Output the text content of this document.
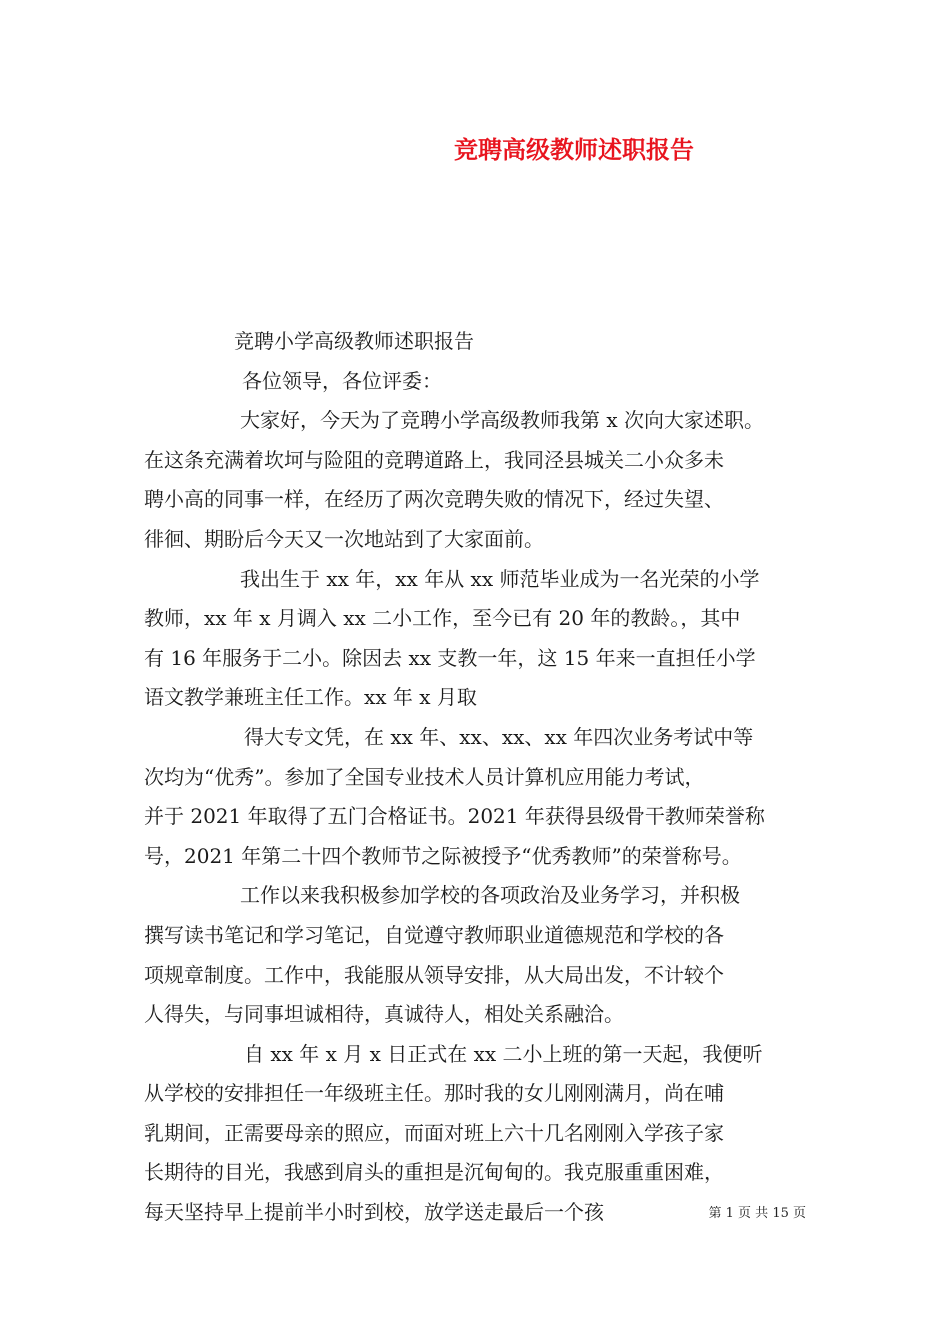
竞聘高级教师述职报告
竞聘小学高级教师述职报告
各位领导，各位评委：
大家好，今天为了竞聘小学高级教师我第 x 次向大家述职。
在这条充满着坎坷与险阻的竞聘道路上，我同泾县城关二小众多未
聘小高的同事一样，在经历了两次竞聘失败的情况下，经过失望、
徘徊、期盼后今天又一次地站到了大家面前。
我出生于 xx 年，xx 年从 xx 师范毕业成为一名光荣的小学
教师，xx 年 x 月调入 xx 二小工作，至今已有 20 年的教龄。，其中
有 16 年服务于二小。除因去 xx 支教一年，这 15 年来一直担任小学
语文教学兼班主任工作。xx 年 x 月取
得大专文凭，在 xx 年、xx、xx、xx 年四次业务考试中等
次均为“优秀”。参加了全国专业技术人员计算机应用能力考试，
并于 2021 年取得了五门合格证书。2021 年获得县级骨干教师荣誉称
号，2021 年第二十四个教师节之际被授予“优秀教师”的荣誉称号。
工作以来我积极参加学校的各项政治及业务学习，并积极
撰写读书笔记和学习笔记，自觉遵守教师职业道德规范和学校的各
项规章制度。工作中，我能服从领导安排，从大局出发，不计较个
人得失，与同事坦诚相待，真诚待人，相处关系融洽。
自 xx 年 x 月 x 日正式在 xx 二小上班的第一天起，我便听
从学校的安排担任一年级班主任。那时我的女儿刚刚满月，尚在哺
乳期间，正需要母亲的照应，而面对班上六十几名刚刚入学孩子家
长期待的目光，我感到肩头的重担是沉甸甸的。我克服重重困难，
每天坚持早上提前半小时到校，放学送走最后一个孩	第 1 页 共 15 页
